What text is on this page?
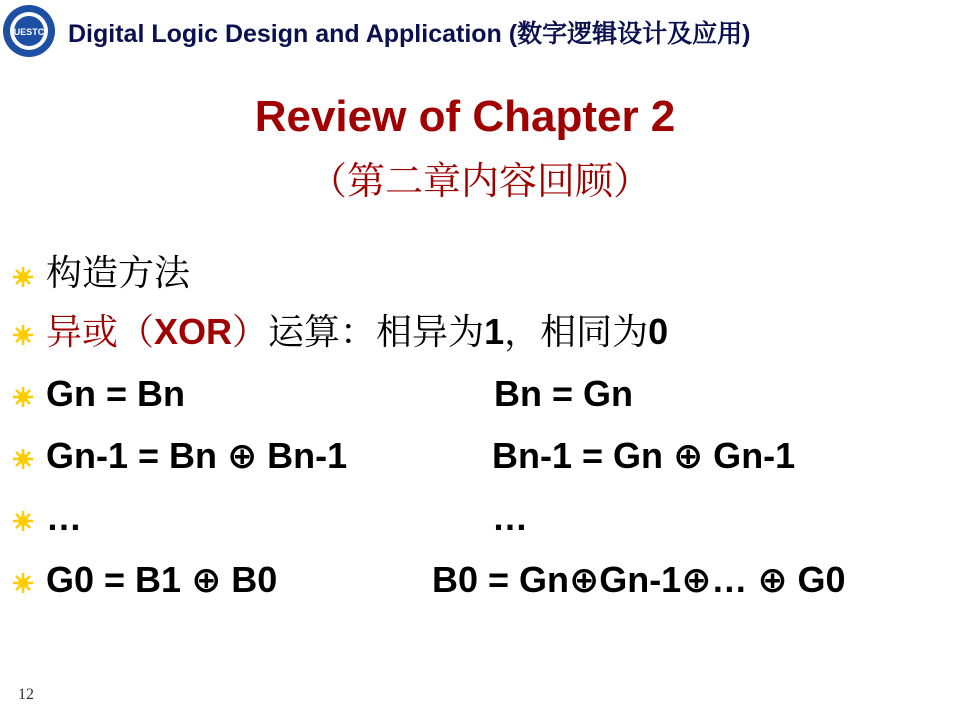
UESTC Digital Logic Design and Application (数字逻辑设计及应用)
Review of Chapter 2
（第二章内容回顾）
构造方法
异或（XOR）运算：相异为1，相同为0
Gn = Bn	Bn = Gn
Gn-1 = Bn ⊕ Bn-1	Bn-1 = Gn ⊕ Gn-1
…	…
G0 = B1 ⊕ B0	B0 = Gn⊕Gn-1⊕… ⊕ G0
12
